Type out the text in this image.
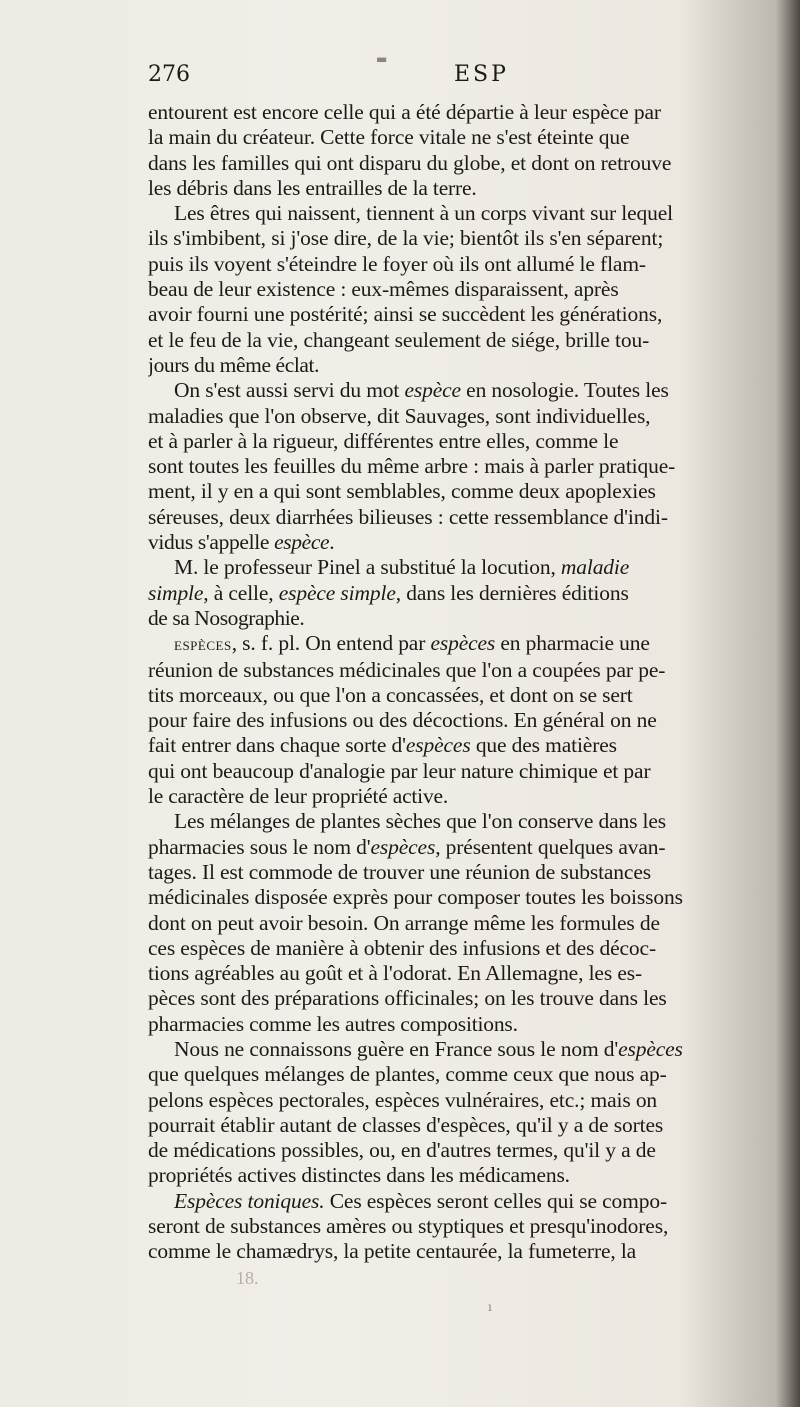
276	ESP
entourent est encore celle qui a été départie à leur espèce par
la main du créateur. Cette force vitale ne s'est éteinte que
dans les familles qui ont disparu du globe, et dont on retrouve
les débris dans les entrailles de la terre.
Les êtres qui naissent, tiennent à un corps vivant sur lequel
ils s'imbibent, si j'ose dire, de la vie; bientôt ils s'en séparent;
puis ils voyent s'éteindre le foyer où ils ont allumé le flam-
beau de leur existence : eux-mêmes disparaissent, après
avoir fourni une postérité; ainsi se succèdent les générations,
et le feu de la vie, changeant seulement de siége, brille tou-
jours du même éclat.
On s'est aussi servi du mot espèce en nosologie. Toutes les
maladies que l'on observe, dit Sauvages, sont individuelles,
et à parler à la rigueur, différentes entre elles, comme le
sont toutes les feuilles du même arbre : mais à parler pratique-
ment, il y en a qui sont semblables, comme deux apoplexies
séreuses, deux diarrhées bilieuses : cette ressemblance d'indi-
vidus s'appelle espèce.
M. le professeur Pinel a substitué la locution, maladie
simple, à celle, espèce simple, dans les dernières éditions
de sa Nosographie.
espèces, s. f. pl. On entend par espèces en pharmacie une
réunion de substances médicinales que l'on a coupées par pe-
tits morceaux, ou que l'on a concassées, et dont on se sert
pour faire des infusions ou des décoctions. En général on ne
fait entrer dans chaque sorte d'espèces que des matières
qui ont beaucoup d'analogie par leur nature chimique et par
le caractère de leur propriété active.
Les mélanges de plantes sèches que l'on conserve dans les
pharmacies sous le nom d'espèces, présentent quelques avan-
tages. Il est commode de trouver une réunion de substances
médicinales disposée exprès pour composer toutes les boissons
dont on peut avoir besoin. On arrange même les formules de
ces espèces de manière à obtenir des infusions et des décoc-
tions agréables au goût et à l'odorat. En Allemagne, les es-
pèces sont des préparations officinales; on les trouve dans les
pharmacies comme les autres compositions.
Nous ne connaissons guère en France sous le nom d'espèces
que quelques mélanges de plantes, comme ceux que nous ap-
pelons espèces pectorales, espèces vulnéraires, etc.; mais on
pourrait établir autant de classes d'espèces, qu'il y a de sortes
de médications possibles, ou, en d'autres termes, qu'il y a de
propriétés actives distinctes dans les médicamens.
Espèces toniques. Ces espèces seront celles qui se compo-
seront de substances amères ou styptiques et presqu'inodores,
comme le chamædrys, la petite centaurée, la fumeterre, la
18.
▬
ı
